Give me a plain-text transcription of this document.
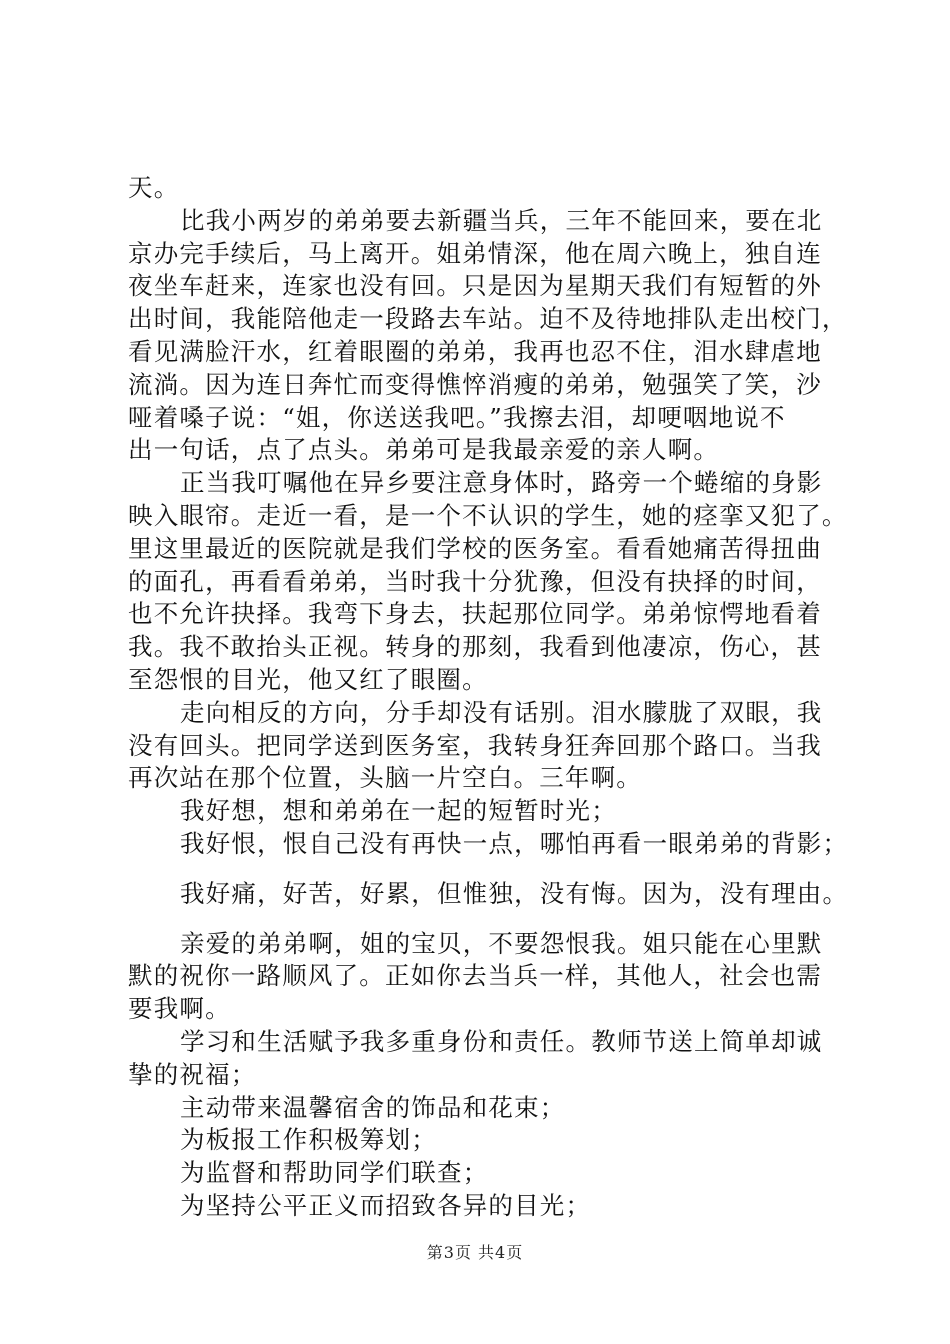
天。
比我小两岁的弟弟要去新疆当兵，三年不能回来，要在北
京办完手续后，马上离开。姐弟情深，他在周六晚上，独自连
夜坐车赶来，连家也没有回。只是因为星期天我们有短暂的外
出时间，我能陪他走一段路去车站。迫不及待地排队走出校门，
看见满脸汗水，红着眼圈的弟弟，我再也忍不住，泪水肆虐地
流淌。因为连日奔忙而变得憔悴消瘦的弟弟，勉强笑了笑，沙
哑着嗓子说：“姐，你送送我吧。”我擦去泪，却哽咽地说不
出一句话，点了点头。弟弟可是我最亲爱的亲人啊。
正当我叮嘱他在异乡要注意身体时，路旁一个蜷缩的身影
映入眼帘。走近一看，是一个不认识的学生，她的痉挛又犯了。
里这里最近的医院就是我们学校的医务室。看看她痛苦得扭曲
的面孔，再看看弟弟，当时我十分犹豫，但没有抉择的时间，
也不允许抉择。我弯下身去，扶起那位同学。弟弟惊愕地看着
我。我不敢抬头正视。转身的那刻，我看到他凄凉，伤心，甚
至怨恨的目光，他又红了眼圈。
走向相反的方向，分手却没有话别。泪水朦胧了双眼，我
没有回头。把同学送到医务室，我转身狂奔回那个路口。当我
再次站在那个位置，头脑一片空白。三年啊。
我好想，想和弟弟在一起的短暂时光；
我好恨，恨自己没有再快一点，哪怕再看一眼弟弟的背影；
我好痛，好苦，好累，但惟独，没有悔。因为，没有理由。
亲爱的弟弟啊，姐的宝贝，不要怨恨我。姐只能在心里默
默的祝你一路顺风了。正如你去当兵一样，其他人，社会也需
要我啊。
学习和生活赋予我多重身份和责任。教师节送上简单却诚
挚的祝福；
主动带来温馨宿舍的饰品和花束；
为板报工作积极筹划；
为监督和帮助同学们联查；
为坚持公平正义而招致各异的目光；
第3页 共4页
